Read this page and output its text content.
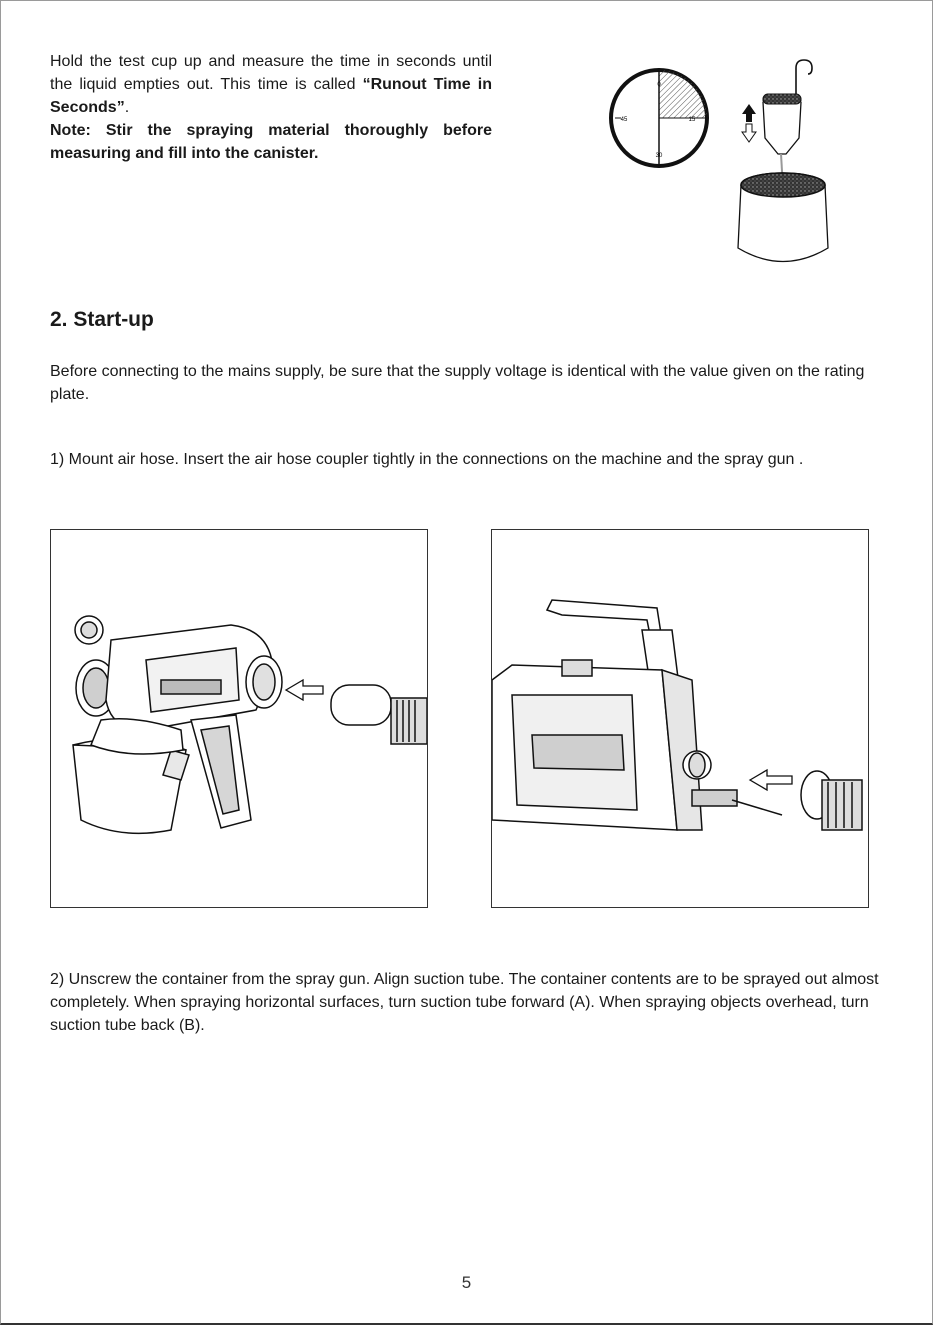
Hold the test cup up and measure the time in seconds until the liquid empties out. This time is called “Runout Time in Seconds”.
Note: Stir the spraying material thoroughly before measuring and fill into the canister.
0
15
30
45
2. Start-up
Before connecting to the mains supply, be sure that the supply voltage is identical with the value given on the rating plate.
1) Mount air hose. Insert the air hose coupler tightly in the connections on the machine and the spray gun .
2) Unscrew the container from the spray gun. Align suction tube. The container contents are to be sprayed out almost completely. When spraying horizontal surfaces, turn suction tube forward (A). When spraying objects overhead, turn suction tube back (B).
5
